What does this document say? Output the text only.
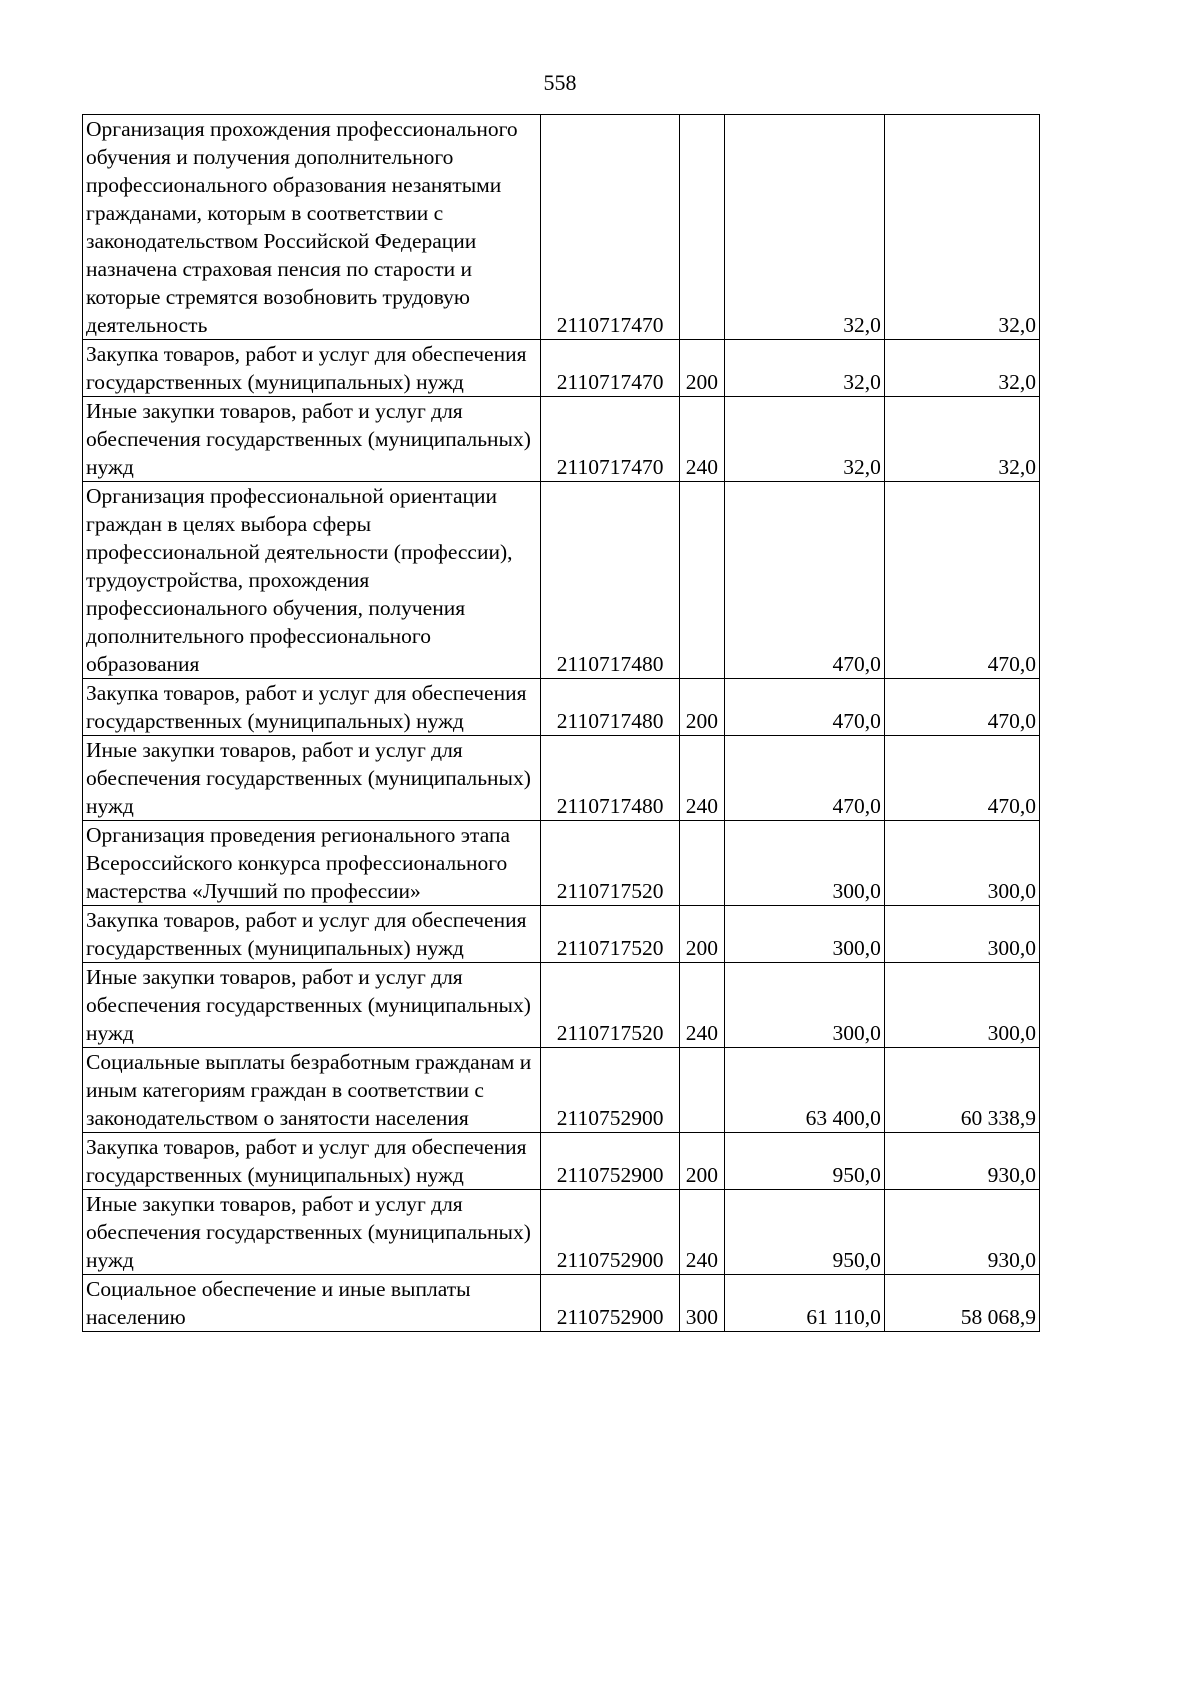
558
Организация прохождения профессионального обучения и получения дополнительного профессионального образования незанятыми гражданами, которым в соответствии с законодательством Российской Федерации назначена страховая пенсия по старости и которые стремятся возобновить трудовую деятельность	2110717470		32,0	32,0
Закупка товаров, работ и услуг для обеспечения государственных (муниципальных) нужд	2110717470	200	32,0	32,0
Иные закупки товаров, работ и услуг для обеспечения государственных (муниципальных) нужд	2110717470	240	32,0	32,0
Организация профессиональной ориентации граждан в целях выбора сферы профессиональной деятельности (профессии), трудоустройства, прохождения профессионального обучения, получения дополнительного профессионального образования	2110717480		470,0	470,0
Закупка товаров, работ и услуг для обеспечения государственных (муниципальных) нужд	2110717480	200	470,0	470,0
Иные закупки товаров, работ и услуг для обеспечения государственных (муниципальных) нужд	2110717480	240	470,0	470,0
Организация проведения регионального этапа Всероссийского конкурса профессионального мастерства «Лучший по профессии»	2110717520		300,0	300,0
Закупка товаров, работ и услуг для обеспечения государственных (муниципальных) нужд	2110717520	200	300,0	300,0
Иные закупки товаров, работ и услуг для обеспечения государственных (муниципальных) нужд	2110717520	240	300,0	300,0
Социальные выплаты безработным гражданам и иным категориям граждан в соответствии с законодательством о занятости населения	2110752900		63 400,0	60 338,9
Закупка товаров, работ и услуг для обеспечения государственных (муниципальных) нужд	2110752900	200	950,0	930,0
Иные закупки товаров, работ и услуг для обеспечения государственных (муниципальных) нужд	2110752900	240	950,0	930,0
Социальное обеспечение и иные выплаты населению	2110752900	300	61 110,0	58 068,9
